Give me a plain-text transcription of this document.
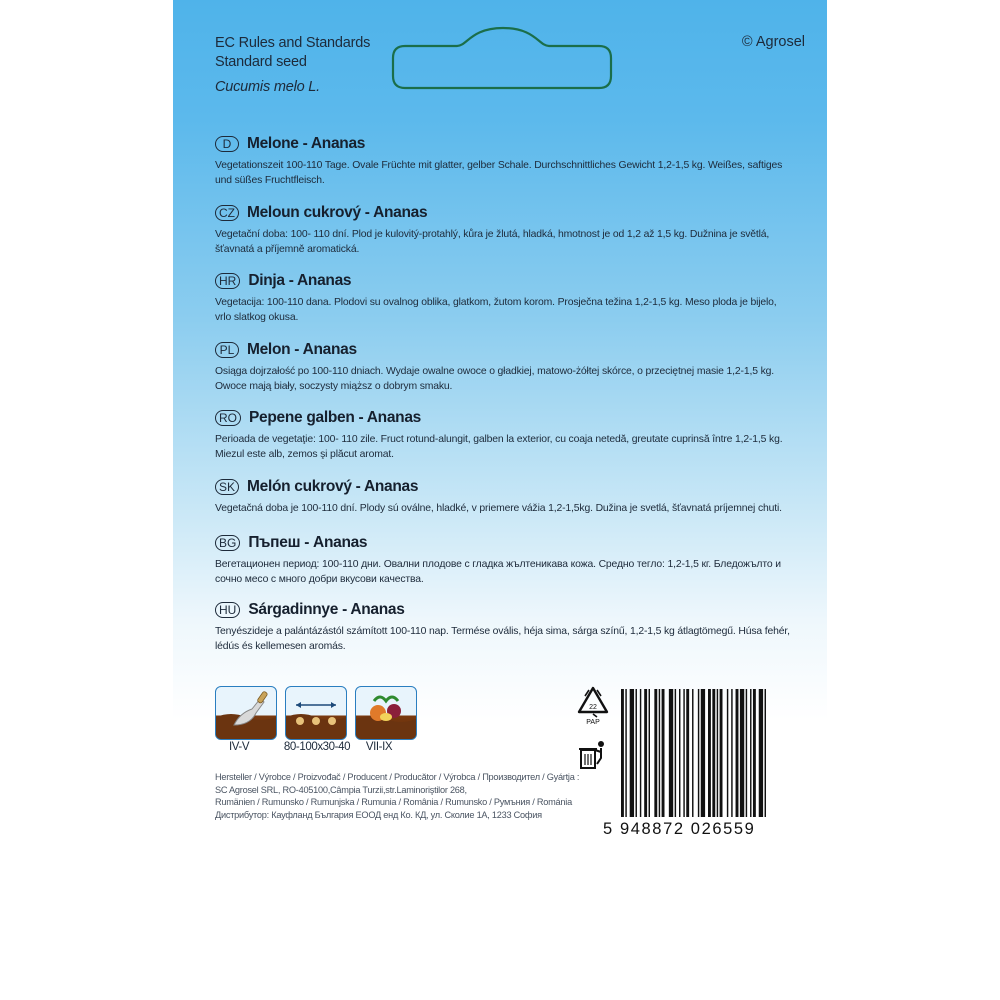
EC Rules and Standards
Standard seed
Cucumis melo L.
© Agrosel
D	Melone - Ananas
Vegetationszeit 100-110 Tage. Ovale Früchte mit glatter, gelber Schale. Durchschnittliches Gewicht 1,2-1,5 kg. Weißes, saftiges und süßes Fruchtfleisch.
CZ Meloun cukrový - Ananas
Vegetační doba: 100- 110 dní. Plod je kulovitý-protahlý, kůra je žlutá, hladká, hmotnost je od 1,2 až 1,5 kg. Dužnina je světlá, šťavnatá a příjemně aromatická.
HR Dinja - Ananas
Vegetacija: 100-110 dana. Plodovi su ovalnog oblika, glatkom, žutom korom. Prosječna težina 1,2-1,5 kg. Meso ploda je bijelo, vrlo slatkog okusa.
PL Melon - Ananas
Osiąga dojrzałość po 100-110 dniach. Wydaje owalne owoce o gładkiej, matowo-żółtej skórce, o przeciętnej masie 1,2-1,5 kg. Owoce mają biały, soczysty miąższ o dobrym smaku.
RO Pepene galben - Ananas
Perioada de vegetaţie: 100- 110 zile. Fruct rotund-alungit, galben la exterior, cu coaja netedă, greutate cuprinsă între 1,2-1,5 kg. Miezul este alb, zemos şi plăcut aromat.
SK Melón cukrový - Ananas
Vegetačná doba je 100-110 dní. Plody sú oválne, hladké, v priemere vážia 1,2-1,5kg. Dužina je svetlá, šťavnatá príjemnej chuti.
BG Пъпеш - Ananas
Вегетационен период: 100-110 дни. Овални плодове с гладка жълтеникава кожа. Средно тегло: 1,2-1,5 кг. Бледожълто и сочно месо с много добри вкусови качества.
HU Sárgadinnye - Ananas
Tenyészideje a palántázástól számított 100-110 nap. Termése ovális, héja sima, sárga színű, 1,2-1,5 kg átlagtömegű. Húsa fehér, lédús és kellemesen aromás.
IV-V	80-100x30-40	VII-IX
Hersteller / Výrobce / Proizvođač / Producent / Producător / Výrobca / Производител / Gyártja :
SC Agrosel SRL, RO-405100,Câmpia Turzii,str.Laminoriştilor 268,
Rumänien / Rumunsko / Rumunjska / Rumunia / România / Rumunsko / Румъния / Románia
Дистрибутор: Кауфланд България ЕООД енд Ко. КД, ул. Сколие 1А, 1233 София
22
PAP
5 948872 026559
